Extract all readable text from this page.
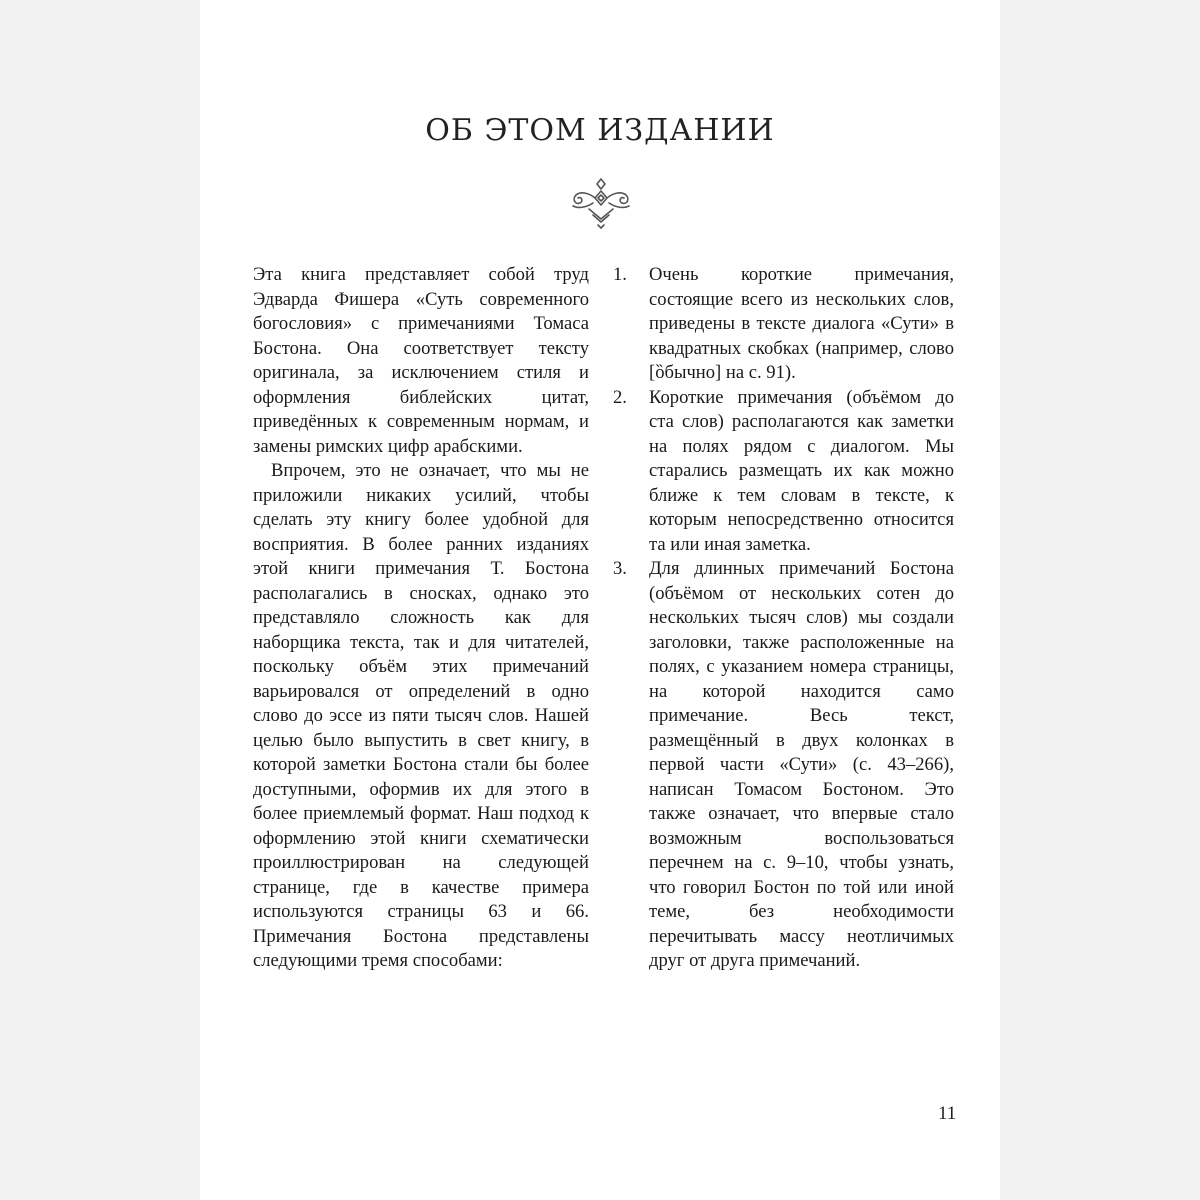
ОБ ЭТОМ ИЗДАНИИ

Эта книга представляет собой труд Эдварда Фишера «Суть современного богословия» с примечаниями Томаса Бостона. Она соответствует тексту оригинала, за исключением стиля и оформления библейских цитат, приведённых к современным нормам, и замены римских цифр арабскими.

Впрочем, это не означает, что мы не приложили никаких усилий, чтобы сделать эту книгу более удобной для восприятия. В более ранних изданиях этой книги примечания Т. Бостона располагались в сносках, однако это представляло сложность как для наборщика текста, так и для читателей, поскольку объём этих примечаний варьировался от определений в одно слово до эссе из пяти тысяч слов. Нашей целью было выпустить в свет книгу, в которой заметки Бостона стали бы более доступными, оформив их для этого в более приемлемый формат. Наш подход к оформлению этой книги схематически проиллюстрирован на следующей странице, где в качестве примера используются страницы 63 и 66. Примечания Бостона представлены следующими тремя способами:

1. Очень короткие примечания, состоящие всего из нескольких слов, приведены в тексте диалога «Сути» в квадратных скобках (например, слово [ȍбычно] на с. 91).
2. Короткие примечания (объёмом до ста слов) располагаются как заметки на полях рядом с диалогом. Мы старались размещать их как можно ближе к тем словам в тексте, к которым непосредственно относится та или иная заметка.
3. Для длинных примечаний Бостона (объёмом от нескольких сотен до нескольких тысяч слов) мы создали заголовки, также расположенные на полях, с указанием номера страницы, на которой находится само примечание. Весь текст, размещённый в двух колонках в первой части «Сути» (с. 43–266), написан Томасом Бостоном. Это также означает, что впервые стало возможным воспользоваться перечнем на с. 9–10, чтобы узнать, что говорил Бостон по той или иной теме, без необходимости перечитывать массу неотличимых друг от друга примечаний.
11
